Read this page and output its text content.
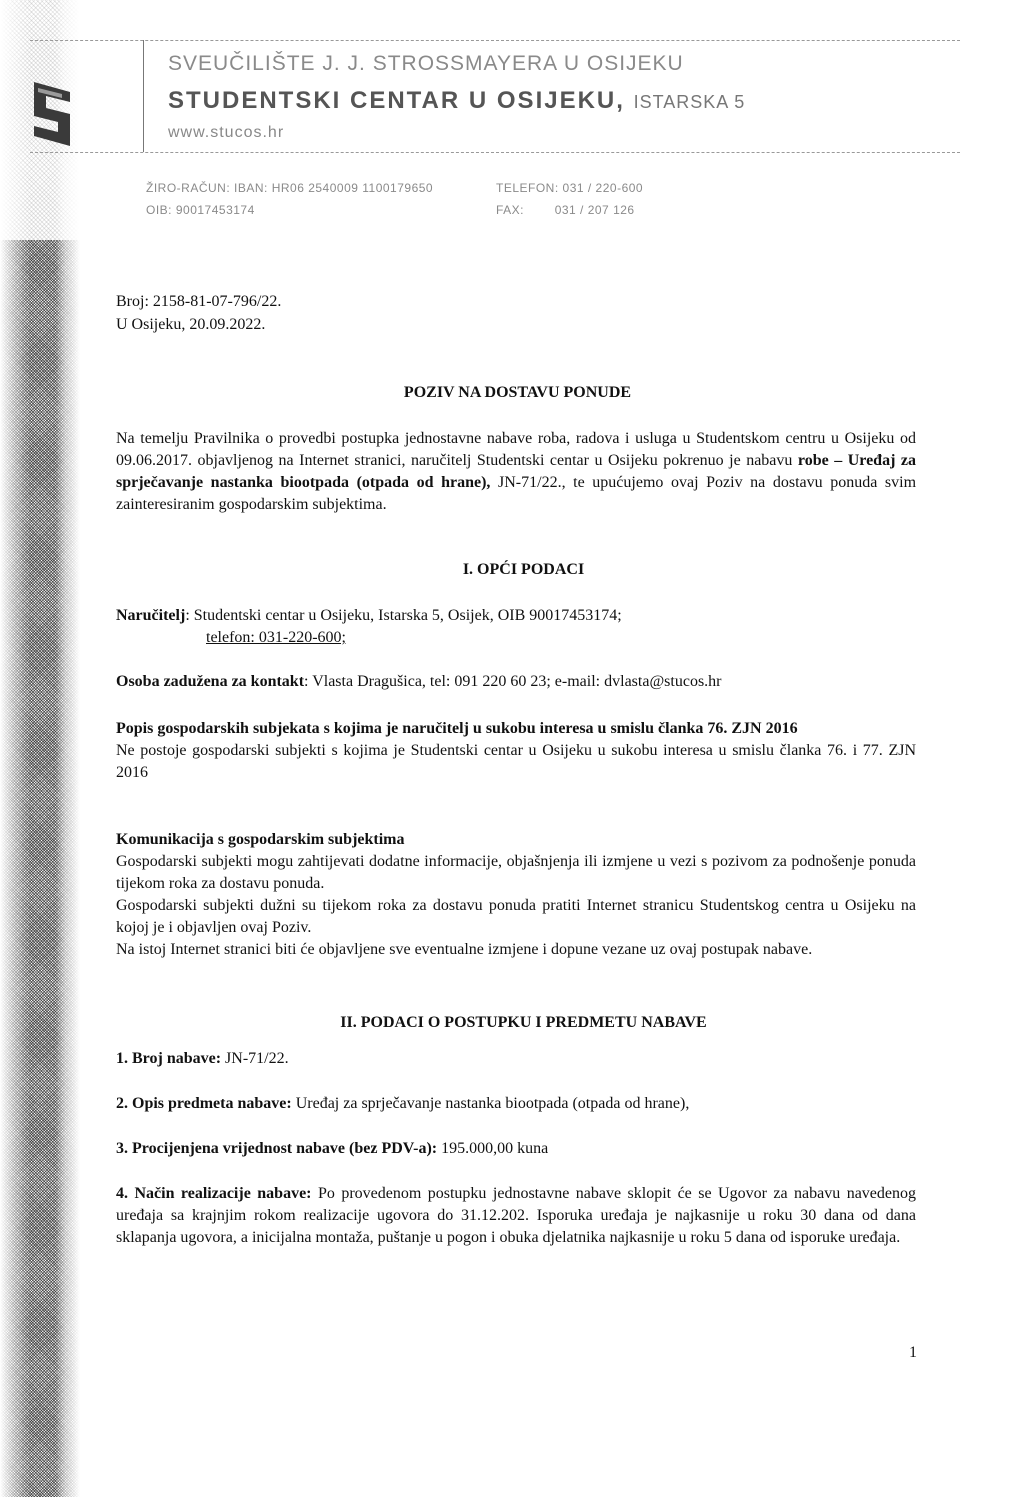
SVEUČILIŠTE J. J. STROSSMAYERA U OSIJEKU
STUDENTSKI CENTAR U OSIJEKU, ISTARSKA 5
www.stucos.hr
ŽIRO-RAČUN: IBAN: HR06 2540009 1100179650
OIB: 90017453174
TELEFON: 031 / 220-600
FAX:	031 / 207 126
Broj: 2158-81-07-796/22.
U Osijeku, 20.09.2022.
POZIV NA DOSTAVU PONUDE
Na temelju Pravilnika o provedbi postupka jednostavne nabave roba, radova i usluga u Studentskom centru u Osijeku od 09.06.2017. objavljenog na Internet stranici, naručitelj Studentski centar u Osijeku pokrenuo je nabavu robe – Uređaj za sprječavanje nastanka biootpada (otpada od hrane), JN-71/22., te upućujemo ovaj Poziv na dostavu ponuda svim zainteresiranim gospodarskim subjektima.
I. OPĆI PODACI
Naručitelj: Studentski centar u Osijeku, Istarska 5, Osijek, OIB 90017453174;
telefon: 031-220-600;
Osoba zadužena za kontakt: Vlasta Dragušica, tel: 091 220 60 23; e-mail: dvlasta@stucos.hr
Popis gospodarskih subjekata s kojima je naručitelj u sukobu interesa u smislu članka 76. ZJN 2016
Ne postoje gospodarski subjekti s kojima je Studentski centar u Osijeku u sukobu interesa u smislu članka 76. i 77. ZJN 2016
Komunikacija s gospodarskim subjektima
Gospodarski subjekti mogu zahtijevati dodatne informacije, objašnjenja ili izmjene u vezi s pozivom za podnošenje ponuda tijekom roka za dostavu ponuda.
Gospodarski subjekti dužni su tijekom roka za dostavu ponuda pratiti Internet stranicu Studentskog centra u Osijeku na kojoj je i objavljen ovaj Poziv.
Na istoj Internet stranici biti će objavljene sve eventualne izmjene i dopune vezane uz ovaj postupak nabave.
II. PODACI O POSTUPKU I PREDMETU NABAVE
1. Broj nabave: JN-71/22.
2. Opis predmeta nabave: Uređaj za sprječavanje nastanka biootpada (otpada od hrane),
3. Procijenjena vrijednost nabave (bez PDV-a): 195.000,00 kuna
4. Način realizacije nabave: Po provedenom postupku jednostavne nabave sklopit će se Ugovor za nabavu navedenog uređaja sa krajnjim rokom realizacije ugovora do 31.12.202. Isporuka uređaja je najkasnije u roku 30 dana od dana sklapanja ugovora, a inicijalna montaža, puštanje u pogon i obuka djelatnika najkasnije u roku 5 dana od isporuke uređaja.
1
